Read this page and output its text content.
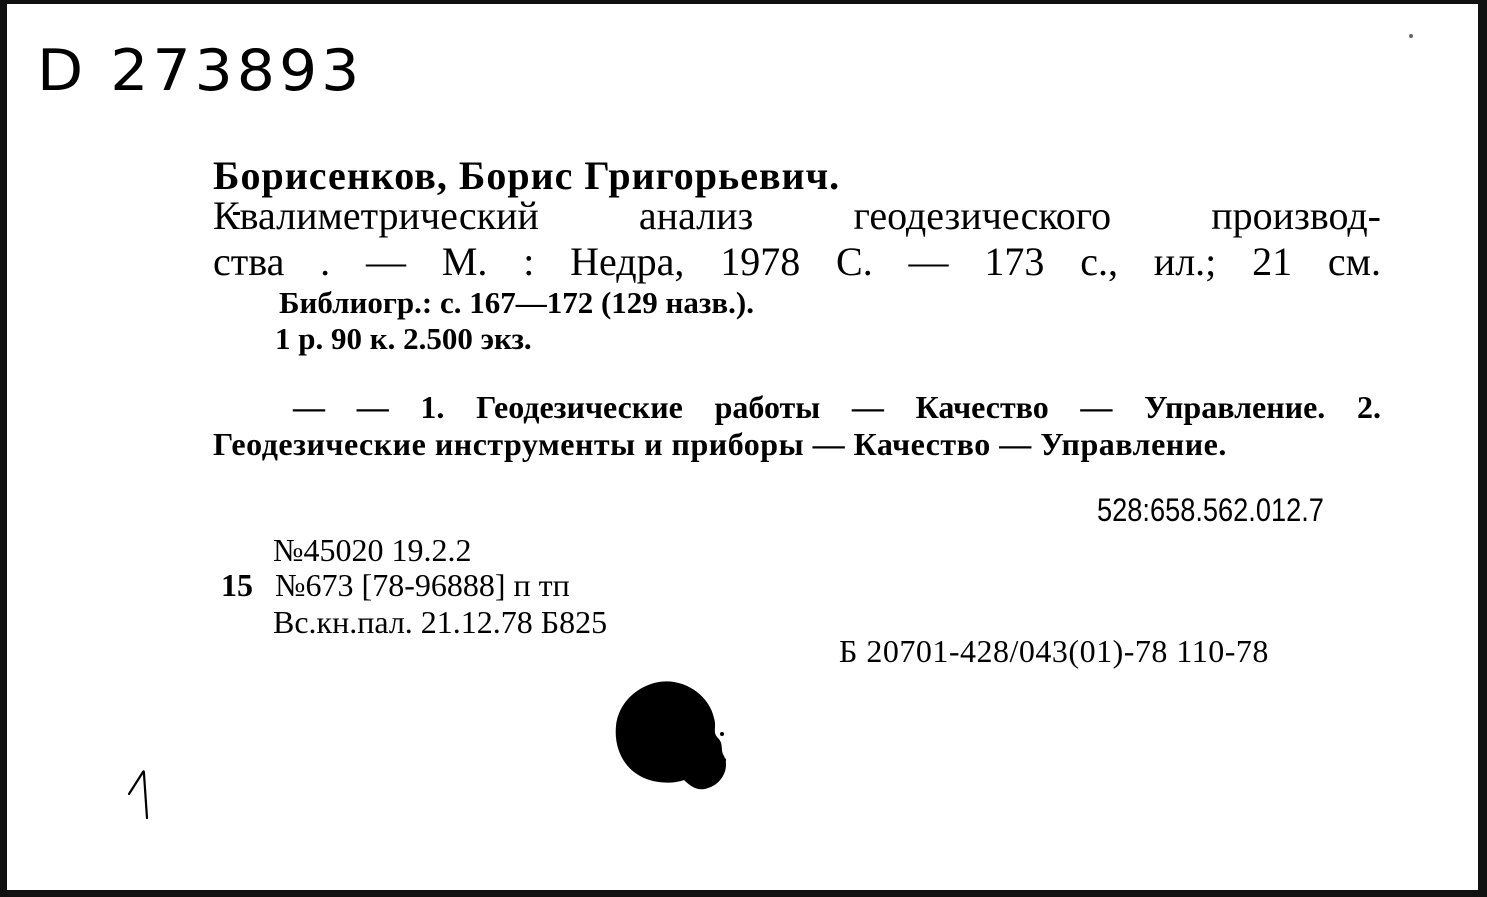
D 273893
Борисенков, Борис Григорьевич.
Квалиметрический анализ геодезического производ-
ства . — М. : Недра, 1978 С. — 173 с., ил.; 21 см.
Библиогр.: с. 167—172 (129 назв.).
1 р. 90 к. 2.500 экз.
— — 1. Геодезические работы — Качество — Управление. 2.
Геодезические инструменты и приборы — Качество — Управление.
528:658.562.012.7
№45020 19.2.2
15 №673 [78-96888] п тп
Вс.кн.пал. 21.12.78 Б825
Б 20701-428/043(01)-78 110-78
